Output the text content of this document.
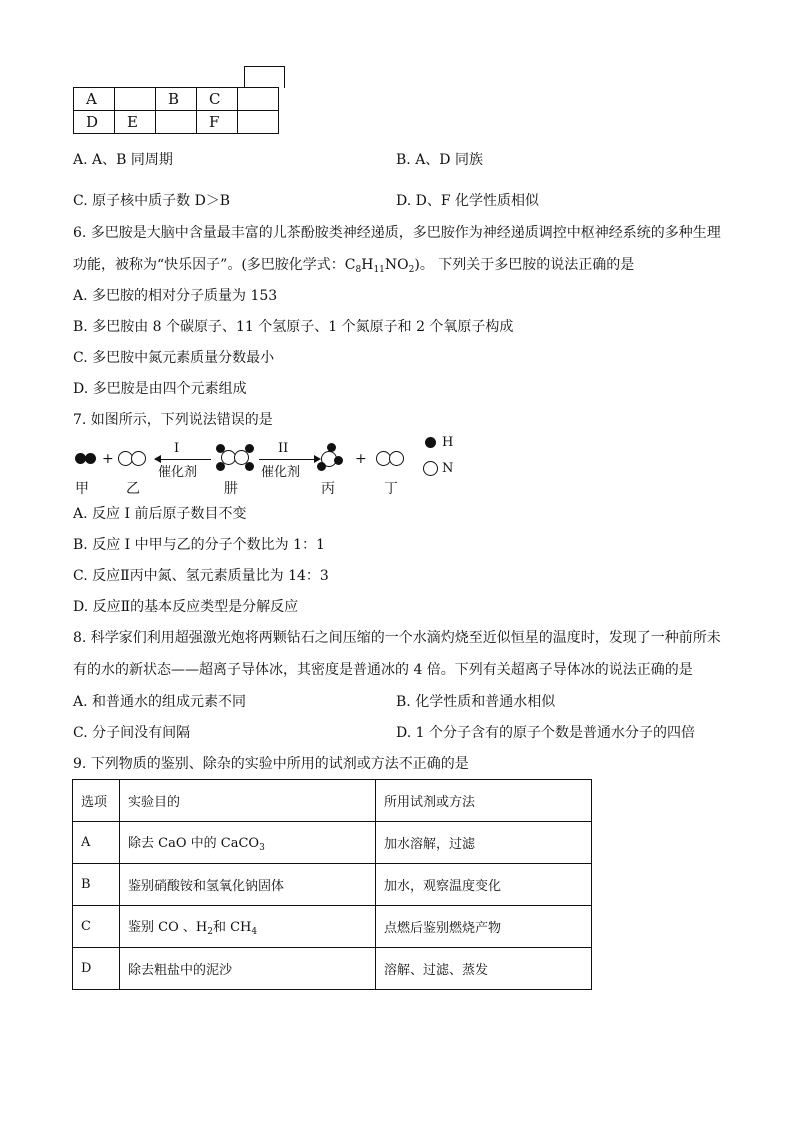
A		B	C	
D	E		F	
A. A、B 同周期	B. A、D 同族
C. 原子核中质子数 D＞B	D. D、F 化学性质相似
6. 多巴胺是大脑中含量最丰富的儿茶酚胺类神经递质，多巴胺作为神经递质调控中枢神经系统的多种生理
功能，被称为“快乐因子”。(多巴胺化学式：$C_8H_{11}NO_2$)。 下列关于多巴胺的说法正确的是
A. 多巴胺的相对分子质量为 153
B. 多巴胺由 8 个碳原子、11 个氢原子、1 个氮原子和 2 个氧原子构成
C. 多巴胺中氮元素质量分数最小
D. 多巴胺是由四个元素组成
7. 如图所示，下列说法错误的是
+
I
催化剂
II
催化剂
+
H
N
甲	乙	肼	丙	丁
A. 反应 I 前后原子数目不变
B. 反应 I 中甲与乙的分子个数比为 1：1
C. 反应Ⅱ丙中氮、氢元素质量比为 14：3
D. 反应Ⅱ的基本反应类型是分解反应
8. 科学家们利用超强激光炮将两颗钻石之间压缩的一个水滴灼烧至近似恒星的温度时，发现了一种前所未
有的水的新状态——超离子导体冰，其密度是普通冰的 4 倍。下列有关超离子导体冰的说法正确的是
A. 和普通水的组成元素不同	B. 化学性质和普通水相似
C. 分子间没有间隔	D. 1 个分子含有的原子个数是普通水分子的四倍
9. 下列物质的鉴别、除杂的实验中所用的试剂或方法不正确的是
选项	实验目的	所用试剂或方法
A	除去 CaO 中的 CaCO$_3$	加水溶解，过滤
B	鉴别硝酸铵和氢氧化钠固体	加水，观察温度变化
C	鉴别 CO 、$H_2$和 $CH_4$	点燃后鉴别燃烧产物
D	除去粗盐中的泥沙	溶解、过滤、蒸发
